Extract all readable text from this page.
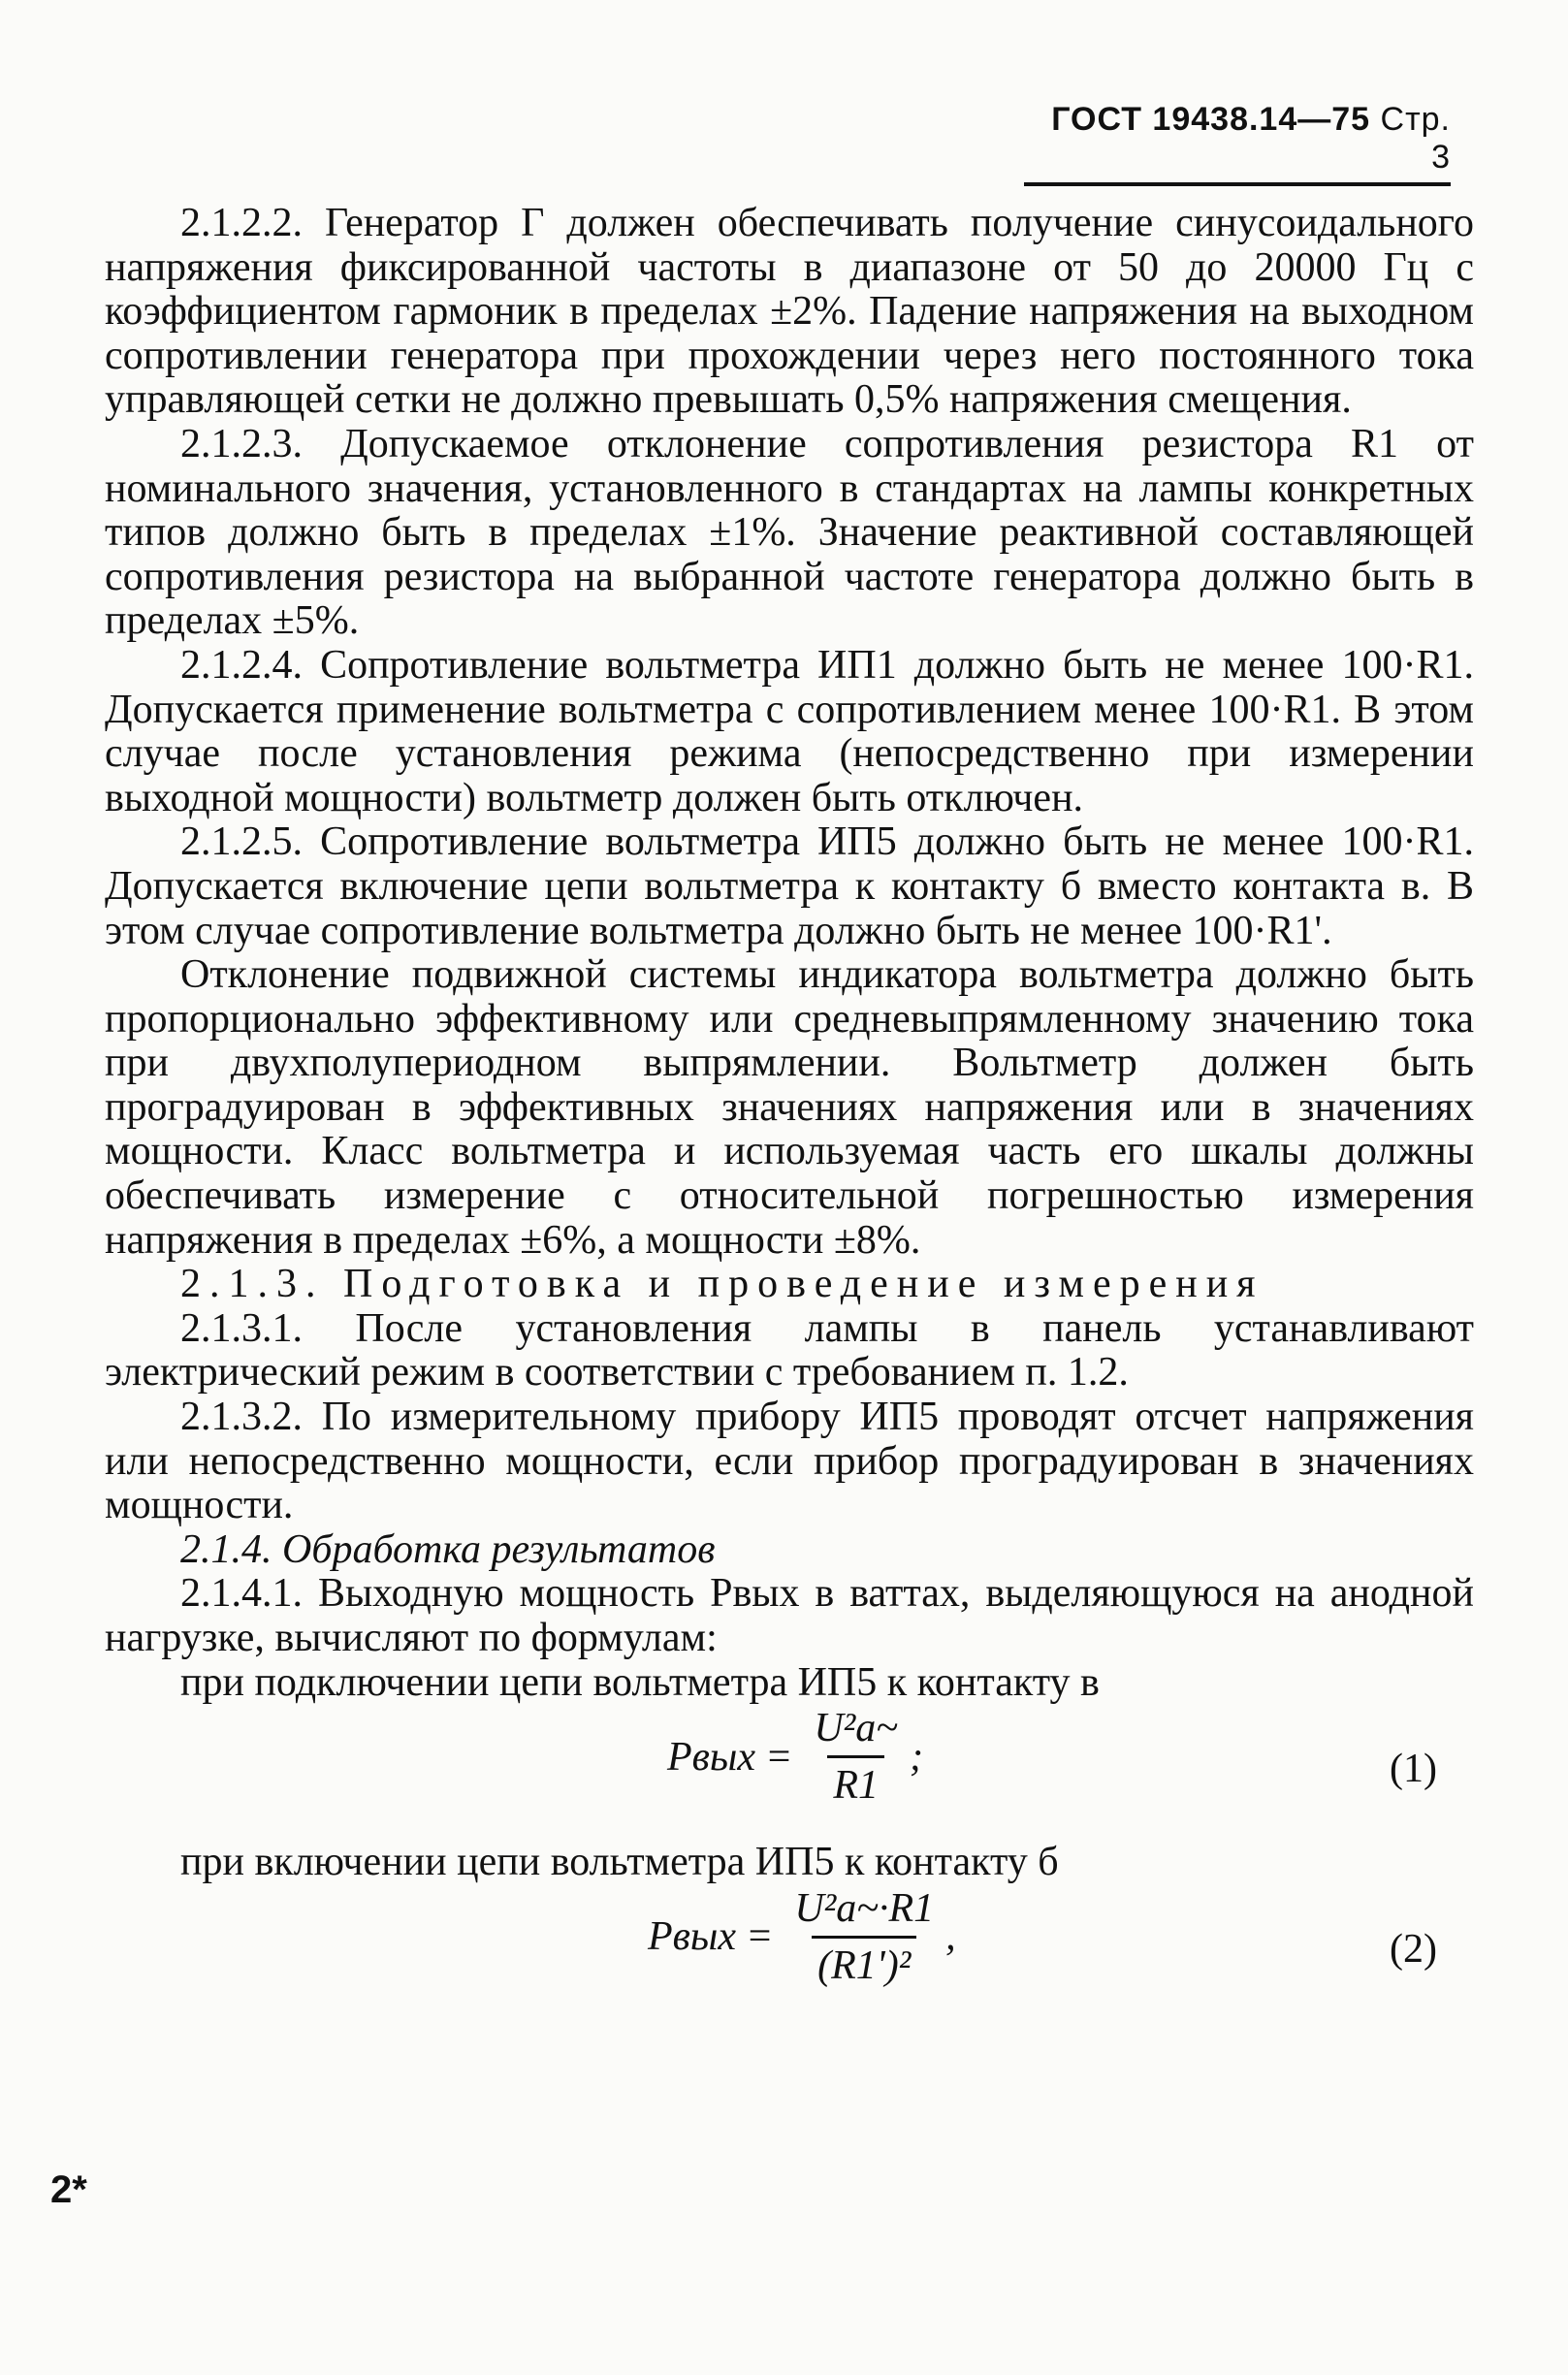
ГОСТ 19438.14—75 Стр. 3

2.1.2.2. Генератор Г должен обеспечивать получение синусоидального напряжения фиксированной частоты в диапазоне от 50 до 20000 Гц с коэффициентом гармоник в пределах ±2%. Падение напряжения на выходном сопротивлении генератора при прохождении через него постоянного тока управляющей сетки не должно превышать 0,5% напряжения смещения.

2.1.2.3. Допускаемое отклонение сопротивления резистора R1 от номинального значения, установленного в стандартах на лампы конкретных типов должно быть в пределах ±1%. Значение реактивной составляющей сопротивления резистора на выбранной частоте генератора должно быть в пределах ±5%.

2.1.2.4. Сопротивление вольтметра ИП1 должно быть не менее 100·R1. Допускается применение вольтметра с сопротивлением менее 100·R1. В этом случае после установления режима (непосредственно при измерении выходной мощности) вольтметр должен быть отключен.

2.1.2.5. Сопротивление вольтметра ИП5 должно быть не менее 100·R1. Допускается включение цепи вольтметра к контакту б вместо контакта в. В этом случае сопротивление вольтметра должно быть не менее 100·R1'.

Отклонение подвижной системы индикатора вольтметра должно быть пропорционально эффективному или средневыпрямленному значению тока при двухполупериодном выпрямлении. Вольтметр должен быть проградуирован в эффективных значениях напряжения или в значениях мощности. Класс вольтметра и используемая часть его шкалы должны обеспечивать измерение с относительной погрешностью измерения напряжения в пределах ±6%, а мощности ±8%.

2.1.3. Подготовка и проведение измерения

2.1.3.1. После установления лампы в панель устанавливают электрический режим в соответствии с требованием п. 1.2.

2.1.3.2. По измерительному прибору ИП5 проводят отсчет напряжения или непосредственно мощности, если прибор проградуирован в значениях мощности.

2.1.4. Обработка результатов

2.1.4.1. Выходную мощность Pвых в ваттах, выделяющуюся на анодной нагрузке, вычисляют по формулам:

при подключении цепи вольтметра ИП5 к контакту в

Pвых = $\frac{\text{U²а\textasciitilde{}}}{R1}$ ;	(1)

при включении цепи вольтметра ИП5 к контакту б

Pвых = $\frac{\text{U²а\textasciitilde{}·R1}}{\text{(R1')²}}$ ,	(2)
2*
